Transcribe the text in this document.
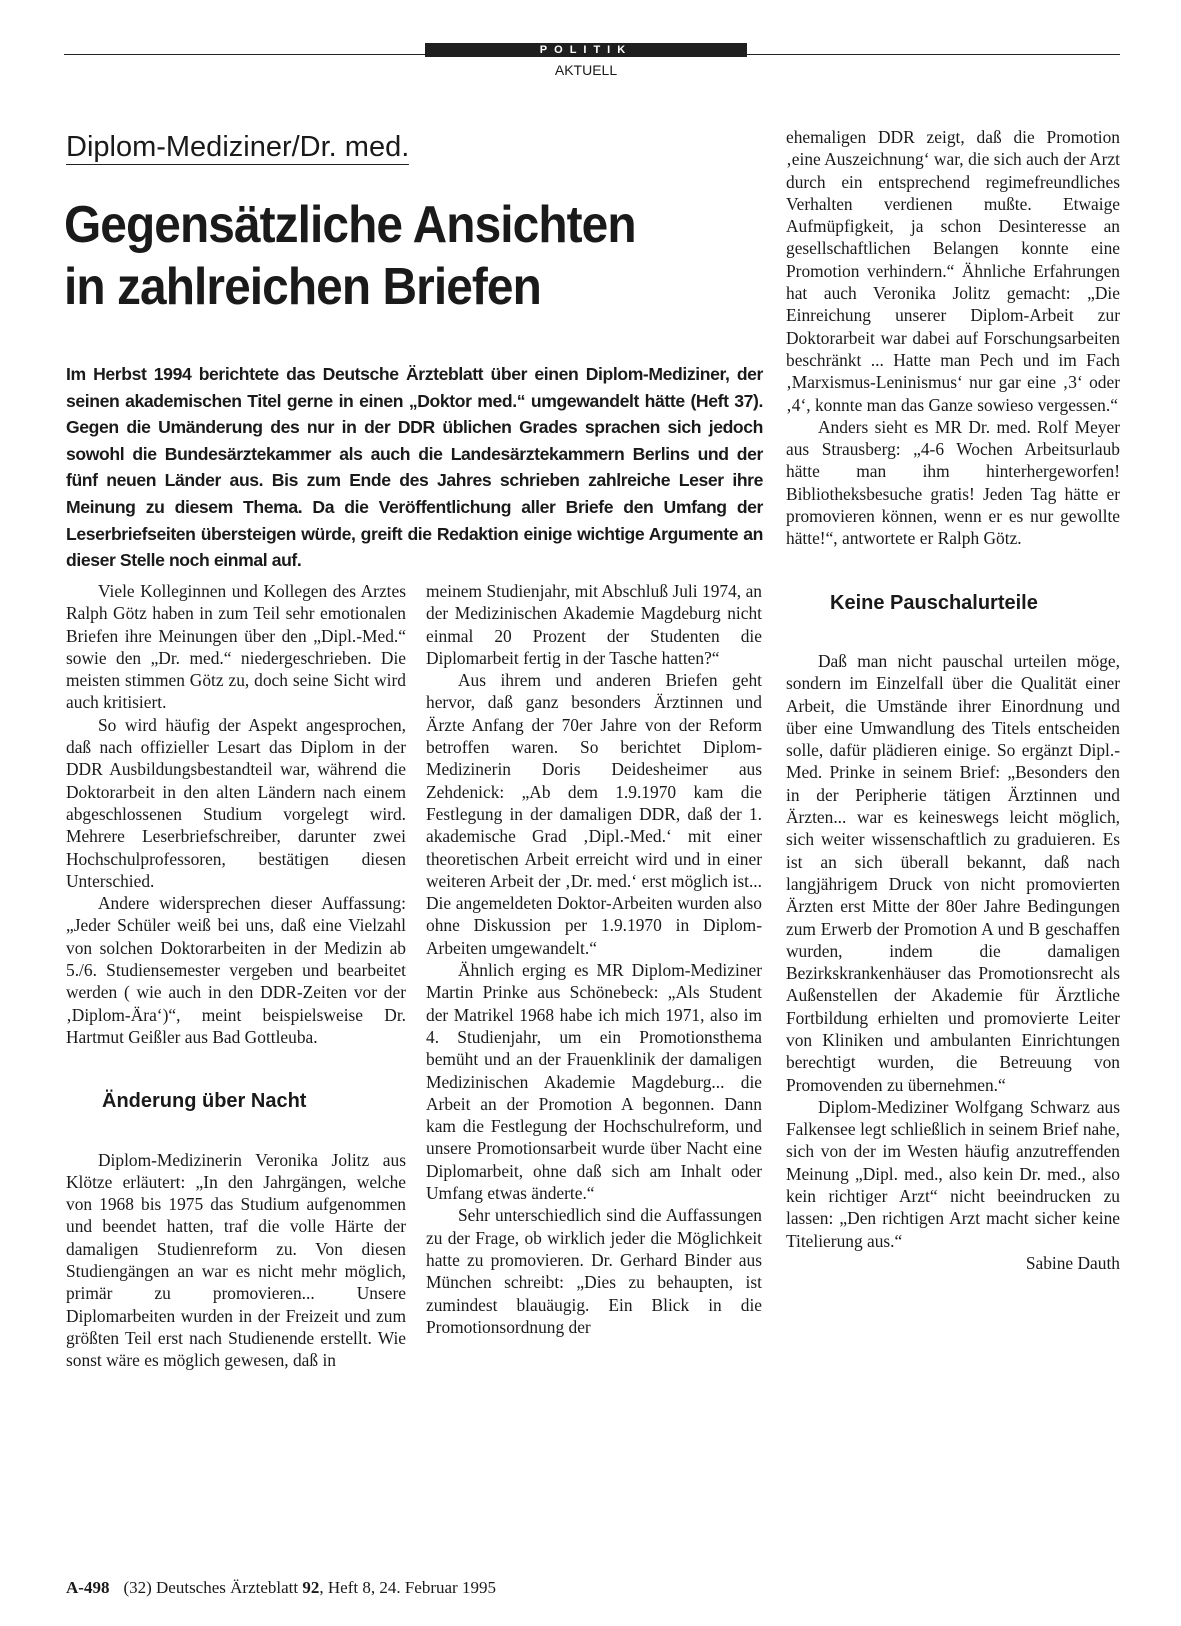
POLITIK
AKTUELL
Diplom-Mediziner/Dr. med.
Gegensätzliche Ansichten
in zahlreichen Briefen
Im Herbst 1994 berichtete das Deutsche Ärzteblatt über einen Diplom-Mediziner, der seinen akademischen Titel gerne in einen „Doktor med.“ umgewandelt hätte (Heft 37). Gegen die Umänderung des nur in der DDR üblichen Grades sprachen sich jedoch sowohl die Bundesärztekammer als auch die Landesärztekammern Berlins und der fünf neuen Länder aus. Bis zum Ende des Jahres schrieben zahlreiche Leser ihre Meinung zu diesem Thema. Da die Veröffentlichung aller Briefe den Umfang der Leserbriefseiten übersteigen würde, greift die Redaktion einige wichtige Argumente an dieser Stelle noch einmal auf.

Viele Kolleginnen und Kollegen des Arztes Ralph Götz haben in zum Teil sehr emotionalen Briefen ihre Meinungen über den „Dipl.-Med.“ sowie den „Dr. med.“ niedergeschrieben. Die meisten stimmen Götz zu, doch seine Sicht wird auch kritisiert.

So wird häufig der Aspekt angesprochen, daß nach offizieller Lesart das Diplom in der DDR Ausbildungsbestandteil war, während die Doktorarbeit in den alten Ländern nach einem abgeschlossenen Studium vorgelegt wird. Mehrere Leserbriefschreiber, darunter zwei Hochschulprofessoren, bestätigen diesen Unterschied.

Andere widersprechen dieser Auffassung: „Jeder Schüler weiß bei uns, daß eine Vielzahl von solchen Doktorarbeiten in der Medizin ab 5./6. Studiensemester vergeben und bearbeitet werden ( wie auch in den DDR-Zeiten vor der ‚Diplom-Ära‘)“, meint beispielsweise Dr. Hartmut Geißler aus Bad Gottleuba.

Änderung über Nacht

Diplom-Medizinerin Veronika Jolitz aus Klötze erläutert: „In den Jahrgängen, welche von 1968 bis 1975 das Studium aufgenommen und beendet hatten, traf die volle Härte der damaligen Studienreform zu. Von diesen Studiengängen an war es nicht mehr möglich, primär zu promovieren... Unsere Diplomarbeiten wurden in der Freizeit und zum größten Teil erst nach Studienende erstellt. Wie sonst wäre es möglich gewesen, daß in

meinem Studienjahr, mit Abschluß Juli 1974, an der Medizinischen Akademie Magdeburg nicht einmal 20 Prozent der Studenten die Diplomarbeit fertig in der Tasche hatten?“

Aus ihrem und anderen Briefen geht hervor, daß ganz besonders Ärztinnen und Ärzte Anfang der 70er Jahre von der Reform betroffen waren. So berichtet Diplom-Medizinerin Doris Deidesheimer aus Zehdenick: „Ab dem 1.9.1970 kam die Festlegung in der damaligen DDR, daß der 1. akademische Grad ‚Dipl.-Med.‘ mit einer theoretischen Arbeit erreicht wird und in einer weiteren Arbeit der ‚Dr. med.‘ erst möglich ist... Die angemeldeten Doktor-Arbeiten wurden also ohne Diskussion per 1.9.1970 in Diplom-Arbeiten umgewandelt.“

Ähnlich erging es MR Diplom-Mediziner Martin Prinke aus Schönebeck: „Als Student der Matrikel 1968 habe ich mich 1971, also im 4. Studienjahr, um ein Promotionsthema bemüht und an der Frauenklinik der damaligen Medizinischen Akademie Magdeburg... die Arbeit an der Promotion A begonnen. Dann kam die Festlegung der Hochschulreform, und unsere Promotionsarbeit wurde über Nacht eine Diplomarbeit, ohne daß sich am Inhalt oder Umfang etwas änderte.“

Sehr unterschiedlich sind die Auffassungen zu der Frage, ob wirklich jeder die Möglichkeit hatte zu promovieren. Dr. Gerhard Binder aus München schreibt: „Dies zu behaupten, ist zumindest blauäugig. Ein Blick in die Promotionsordnung der

ehemaligen DDR zeigt, daß die Promotion ‚eine Auszeichnung‘ war, die sich auch der Arzt durch ein entsprechend regimefreundliches Verhalten verdienen mußte. Etwaige Aufmüpfigkeit, ja schon Desinteresse an gesellschaftlichen Belangen konnte eine Promotion verhindern.“ Ähnliche Erfahrungen hat auch Veronika Jolitz gemacht: „Die Einreichung unserer Diplom-Arbeit zur Doktorarbeit war dabei auf Forschungsarbeiten beschränkt ... Hatte man Pech und im Fach ‚Marxismus-Leninismus‘ nur gar eine ‚3‘ oder ‚4‘, konnte man das Ganze sowieso vergessen.“

Anders sieht es MR Dr. med. Rolf Meyer aus Strausberg: „4-6 Wochen Arbeitsurlaub hätte man ihm hinterhergeworfen! Bibliotheksbesuche gratis! Jeden Tag hätte er promovieren können, wenn er es nur gewollte hätte!“, antwortete er Ralph Götz.

Keine Pauschalurteile

Daß man nicht pauschal urteilen möge, sondern im Einzelfall über die Qualität einer Arbeit, die Umstände ihrer Einordnung und über eine Umwandlung des Titels entscheiden solle, dafür plädieren einige. So ergänzt Dipl.-Med. Prinke in seinem Brief: „Besonders den in der Peripherie tätigen Ärztinnen und Ärzten... war es keineswegs leicht möglich, sich weiter wissenschaftlich zu graduieren. Es ist an sich überall bekannt, daß nach langjährigem Druck von nicht promovierten Ärzten erst Mitte der 80er Jahre Bedingungen zum Erwerb der Promotion A und B geschaffen wurden, indem die damaligen Bezirkskrankenhäuser das Promotionsrecht als Außenstellen der Akademie für Ärztliche Fortbildung erhielten und promovierte Leiter von Kliniken und ambulanten Einrichtungen berechtigt wurden, die Betreuung von Promovenden zu übernehmen.“

Diplom-Mediziner Wolfgang Schwarz aus Falkensee legt schließlich in seinem Brief nahe, sich von der im Westen häufig anzutreffenden Meinung „Dipl. med., also kein Dr. med., also kein richtiger Arzt“ nicht beeindrucken zu lassen: „Den richtigen Arzt macht sicher keine Titelierung aus.“

Sabine Dauth
A-498 (32) Deutsches Ärzteblatt 92, Heft 8, 24. Februar 1995
